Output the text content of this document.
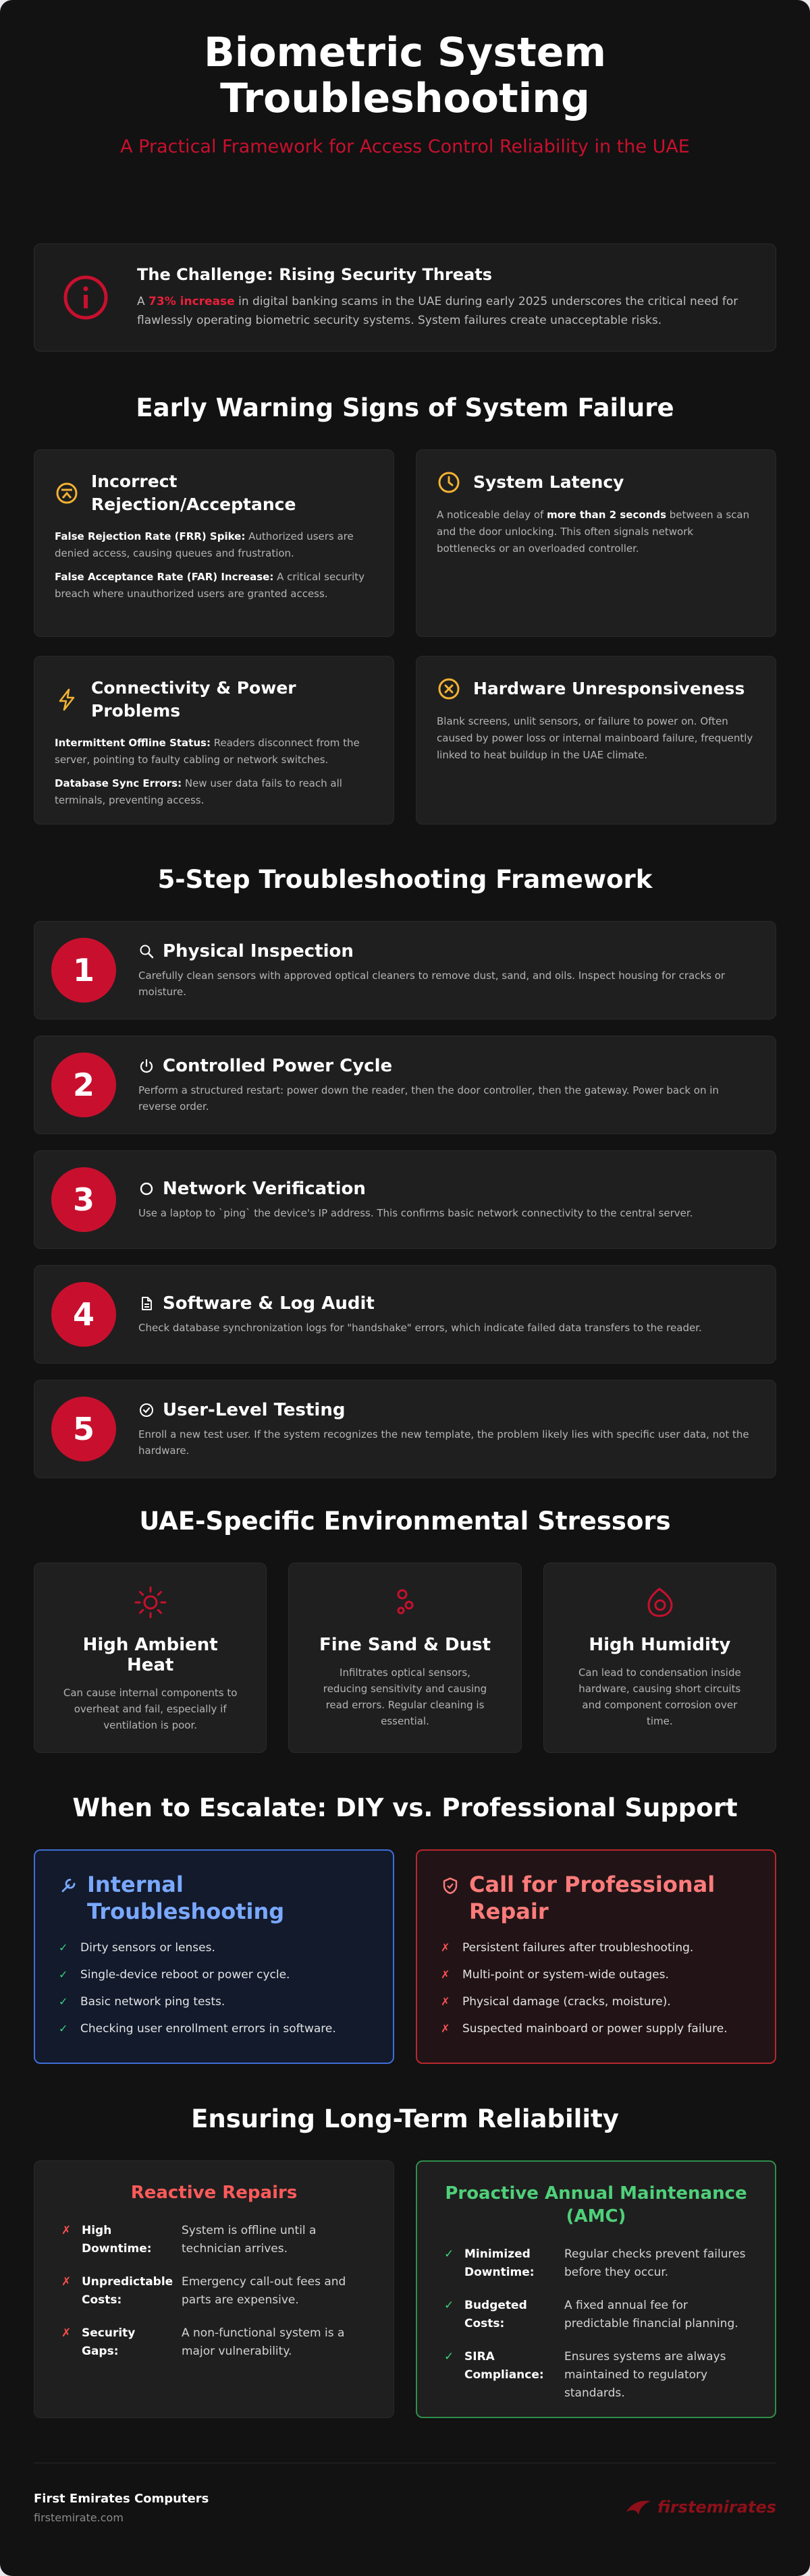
Biometric System
Troubleshooting
A Practical Framework for Access Control Reliability in the UAE
The Challenge: Rising Security Threats

A 73% increase in digital banking scams in the UAE during early 2025 underscores the critical need for flawlessly operating biometric security systems. System failures create unacceptable risks.

Early Warning Signs of System Failure
Incorrect Rejection/Acceptance

False Rejection Rate (FRR) Spike: Authorized users are denied access, causing queues and frustration.

False Acceptance Rate (FAR) Increase: A critical security breach where unauthorized users are granted access.

System Latency

A noticeable delay of more than 2 seconds between a scan and the door unlocking. This often signals network bottlenecks or an overloaded controller.

Connectivity & Power Problems

Intermittent Offline Status: Readers disconnect from the server, pointing to faulty cabling or network switches.

Database Sync Errors: New user data fails to reach all terminals, preventing access.

Hardware Unresponsiveness

Blank screens, unlit sensors, or failure to power on. Often caused by power loss or internal mainboard failure, frequently linked to heat buildup in the UAE climate.

5-Step Troubleshooting Framework
1
Physical Inspection

Carefully clean sensors with approved optical cleaners to remove dust, sand, and oils. Inspect housing for cracks or moisture.

2
Controlled Power Cycle

Perform a structured restart: power down the reader, then the door controller, then the gateway. Power back on in reverse order.

3	Network Verification

Use a laptop to `ping` the device's IP address. This confirms basic network connectivity to the central server.

4	Software & Log Audit

Check database synchronization logs for "handshake" errors, which indicate failed data transfers to the reader.

5
User-Level Testing

Enroll a new test user. If the system recognizes the new template, the problem likely lies with specific user data, not the hardware.

UAE-Specific Environmental Stressors
High Ambient Heat

Can cause internal components to overheat and fail, especially if ventilation is poor.

Fine Sand & Dust

Infiltrates optical sensors, reducing sensitivity and causing read errors. Regular cleaning is essential.

High Humidity

Can lead to condensation inside hardware, causing short circuits and component corrosion over time.

When to Escalate: DIY vs. Professional Support
Internal Troubleshooting
✓	Dirty sensors or lenses.
✓	Single-device reboot or power cycle.
✓	Basic network ping tests.
✓	Checking user enrollment errors in software.
Call for Professional Repair
✗	Persistent failures after troubleshooting.
✗	Multi-point or system-wide outages.
✗	Physical damage (cracks, moisture).
✗	Suspected mainboard or power supply failure.
Ensuring Long-Term Reliability
Reactive Repairs
✗ High Downtime:
System is offline until a technician arrives.
✗ Unpredictable Costs:
Emergency call-out fees and parts are expensive.
✗ Security Gaps:
A non-functional system is a major vulnerability.
Proactive Annual Maintenance (AMC)
✓ Minimized Downtime:
Regular checks prevent failures before they occur.
✓ Budgeted Costs:
A fixed annual fee for predictable financial planning.
✓ SIRA Compliance:
Ensures systems are always maintained to regulatory standards.
First Emirates Computers
firstemirate.com
firstemirates
